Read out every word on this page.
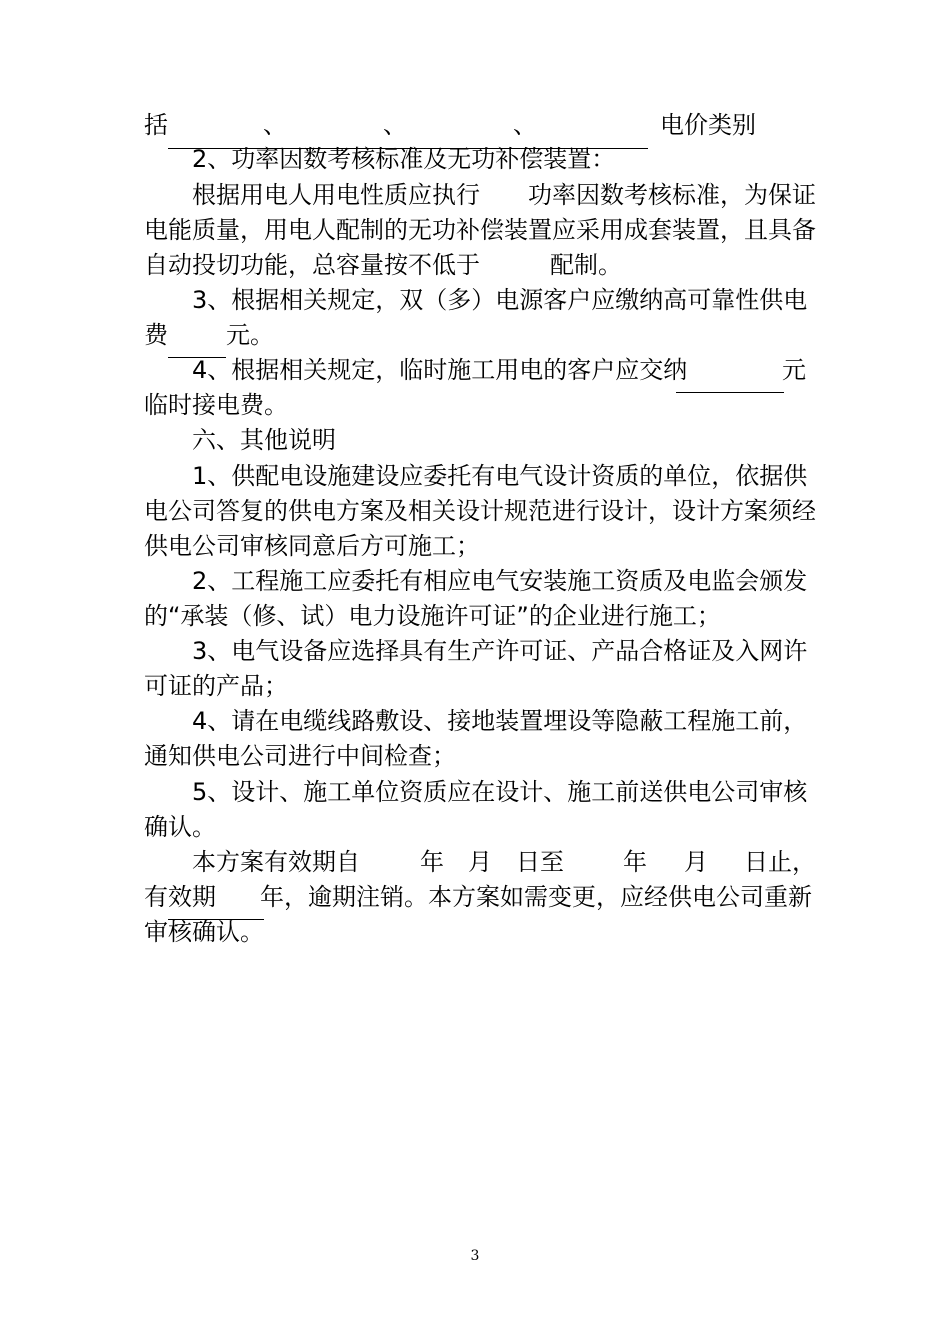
括	、	、	、	电价类别
2、功率因数考核标准及无功补偿装置：
根据用电人用电性质应执行 功率因数考核标准，为保证
电能质量，用电人配制的无功补偿装置应采用成套装置，且具备
自动投切功能，总容量按不低于	配制。
3、根据相关规定，双（多）电源客户应缴纳高可靠性供电
费 元。
4、根据相关规定，临时施工用电的客户应交纳	元
临时接电费。
六、其他说明
1、供配电设施建设应委托有电气设计资质的单位，依据供
电公司答复的供电方案及相关设计规范进行设计，设计方案须经
供电公司审核同意后方可施工；
2、工程施工应委托有相应电气安装施工资质及电监会颁发
的“承装（修、试）电力设施许可证”的企业进行施工；
3、电气设备应选择具有生产许可证、产品合格证及入网许
可证的产品；
4、请在电缆线路敷设、接地装置埋设等隐蔽工程施工前，
通知供电公司进行中间检查；
5、设计、施工单位资质应在设计、施工前送供电公司审核
确认。
本方案有效期自	年 月 日至 年 月 日止，
有效期 年，逾期注销。本方案如需变更，应经供电公司重新
审核确认。
3
